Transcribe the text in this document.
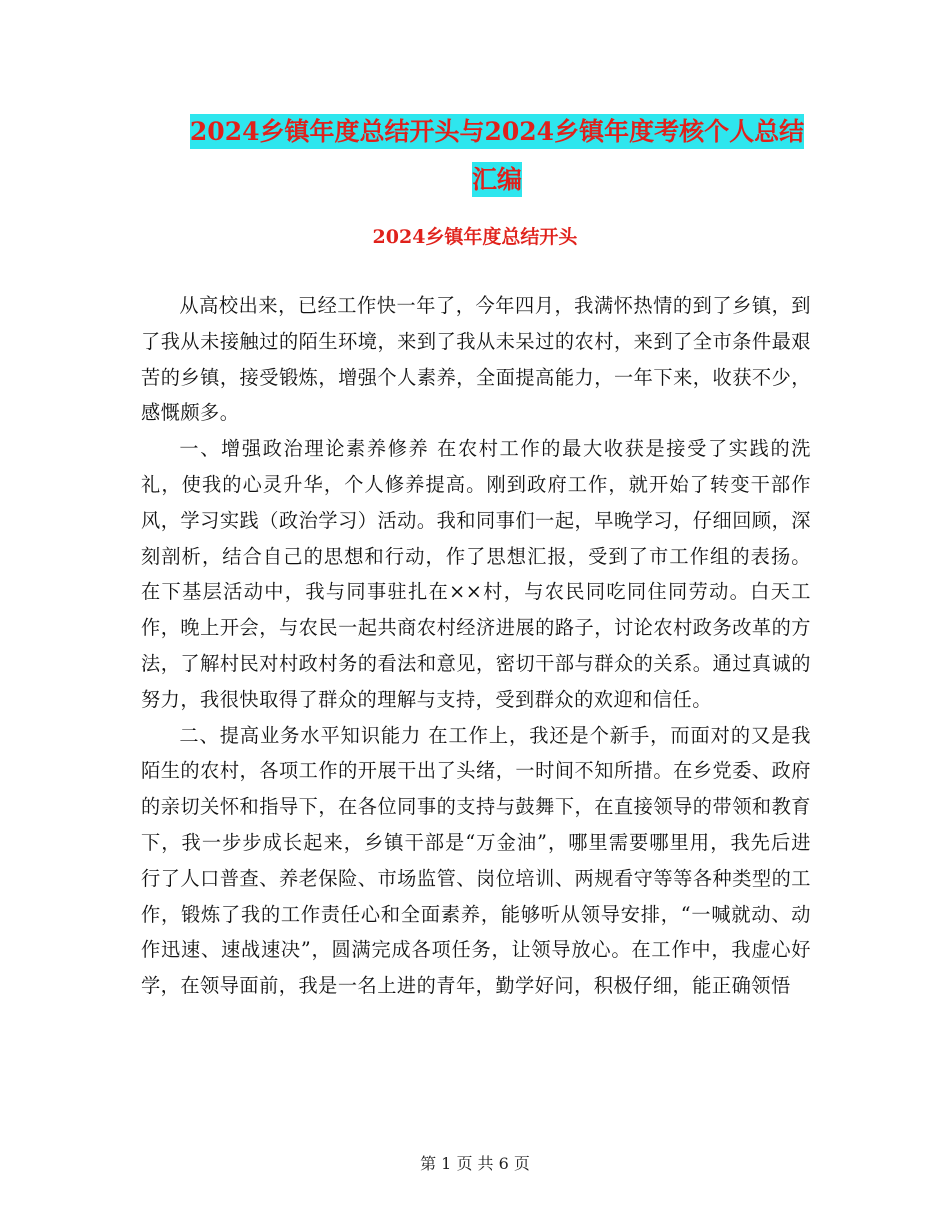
2024乡镇年度总结开头与2024乡镇年度考核个人总结
汇编
2024乡镇年度总结开头

从高校出来，已经工作快一年了，今年四月，我满怀热情的到了乡镇，到了我从未接触过的陌生环境，来到了我从未呆过的农村，来到了全市条件最艰苦的乡镇，接受锻炼，增强个人素养，全面提高能力，一年下来，收获不少，感慨颇多。

一、增强政治理论素养修养 在农村工作的最大收获是接受了实践的洗礼，使我的心灵升华，个人修养提高。刚到政府工作，就开始了转变干部作风，学习实践（政治学习）活动。我和同事们一起，早晚学习，仔细回顾，深刻剖析，结合自己的思想和行动，作了思想汇报，受到了市工作组的表扬。 在下基层活动中，我与同事驻扎在××村，与农民同吃同住同劳动。白天工作，晚上开会，与农民一起共商农村经济进展的路子，讨论农村政务改革的方法，了解村民对村政村务的看法和意见，密切干部与群众的关系。通过真诚的努力，我很快取得了群众的理解与支持，受到群众的欢迎和信任。

二、提高业务水平知识能力 在工作上，我还是个新手，而面对的又是我陌生的农村，各项工作的开展干出了头绪，一时间不知所措。在乡党委、政府的亲切关怀和指导下，在各位同事的支持与鼓舞下，在直接领导的带领和教育下，我一步步成长起来，乡镇干部是“万金油”，哪里需要哪里用，我先后进行了人口普查、养老保险、市场监管、岗位培训、两规看守等等各种类型的工作，锻炼了我的工作责任心和全面素养，能够听从领导安排，“一喊就动、动作迅速、速战速决”，圆满完成各项任务，让领导放心。在工作中，我虚心好学，在领导面前，我是一名上进的青年，勤学好问，积极仔细，能正确领悟

第 1 页 共 6 页
